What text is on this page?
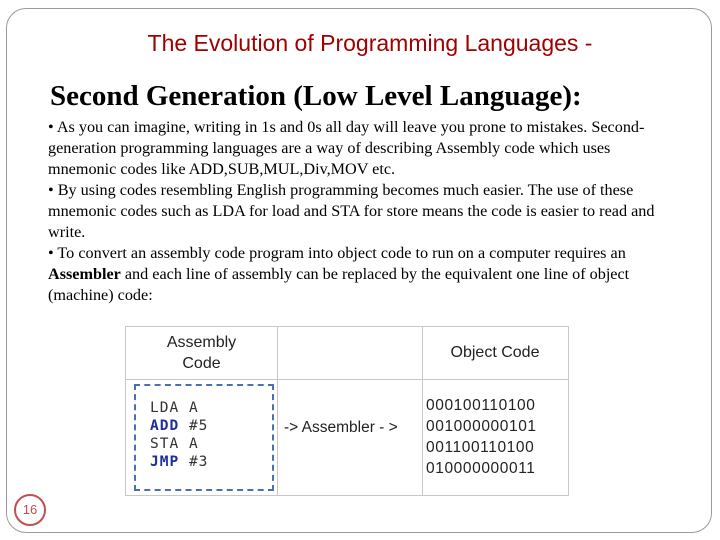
The Evolution of Programming Languages -
Second Generation (Low Level Language):

• As you can imagine, writing in 1s and 0s all day will leave you prone to mistakes. Second-generation programming languages are a way of describing Assembly code which uses mnemonic codes like ADD,SUB,MUL,Div,MOV etc.

• By using codes resembling English programming becomes much easier. The use of these mnemonic codes such as LDA for load and STA for store means the code is easier to read and write.

• To convert an assembly code program into object code to run on a computer requires an Assembler and each line of assembly can be replaced by the equivalent one line of object (machine) code:

Assembly
Code
Object Code
LDA A
ADD #5
STA A
JMP #3
-> Assembler - >
000100110100
001000000101
001100110100
010000000011
16
